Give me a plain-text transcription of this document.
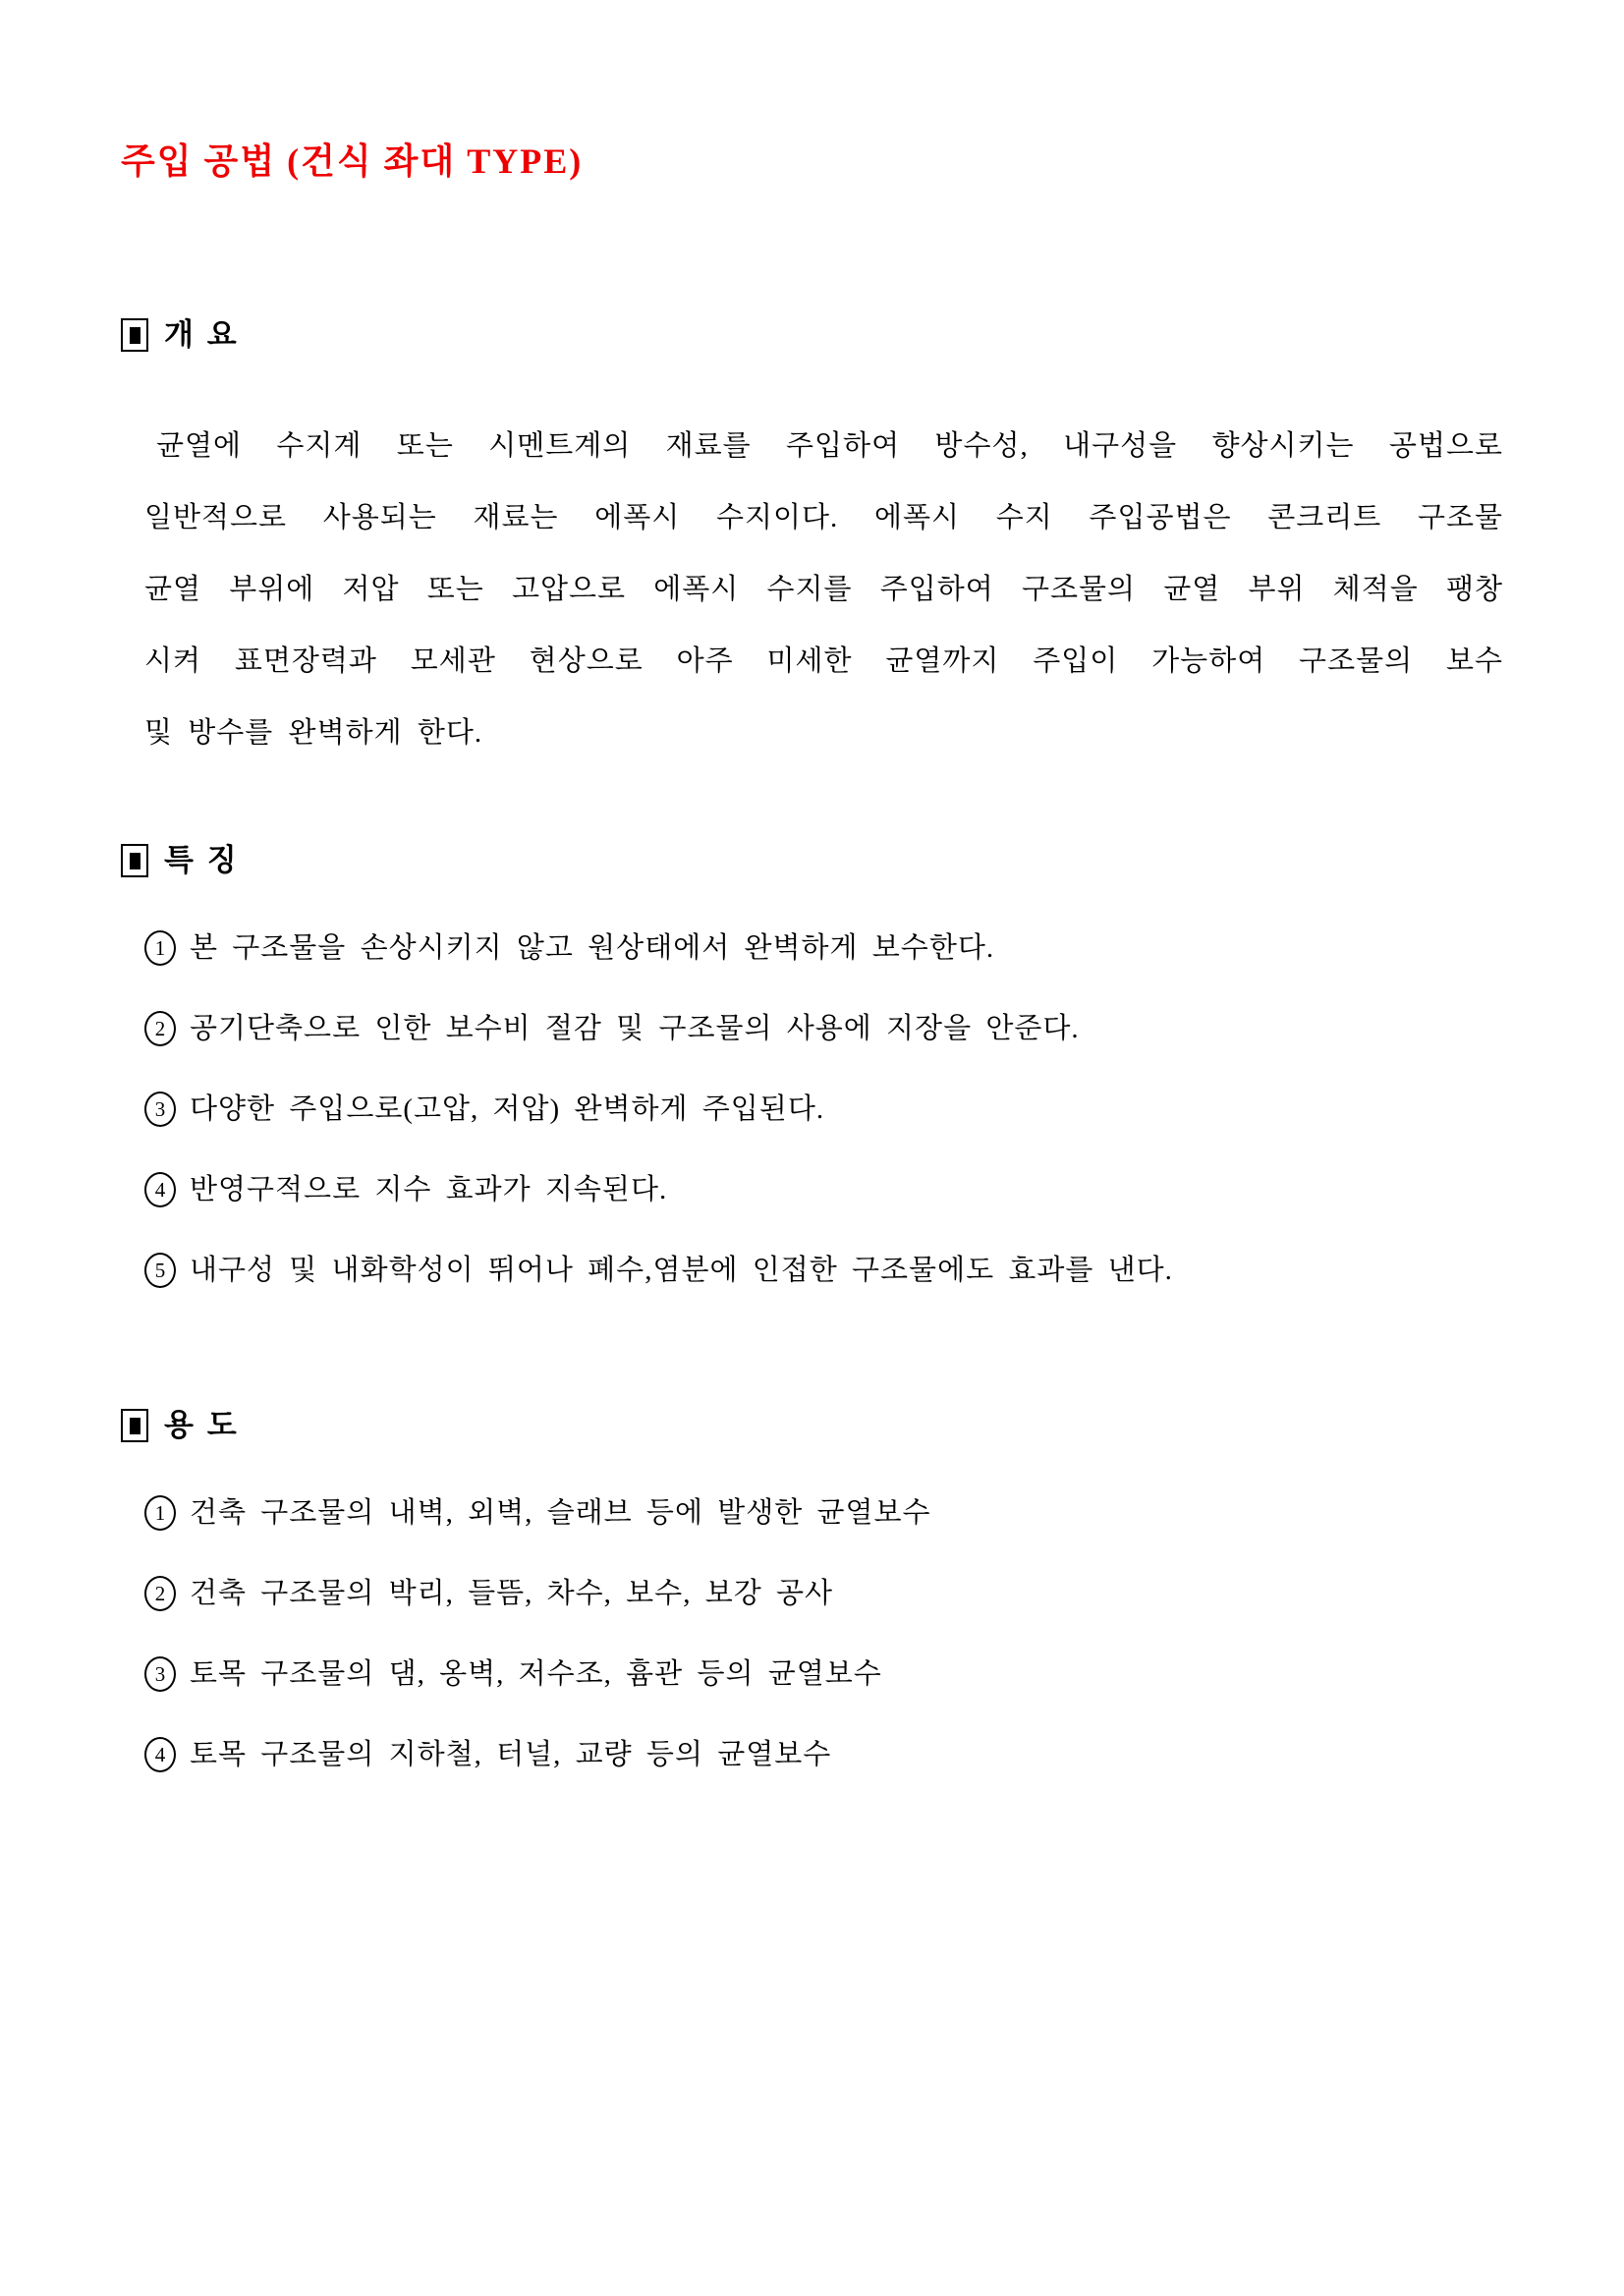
주입 공법 (건식 좌대 TYPE)
개 요
균열에 수지계 또는 시멘트계의 재료를 주입하여 방수성, 내구성을 향상시키는 공법으로
일반적으로 사용되는 재료는 에폭시 수지이다. 에폭시 수지 주입공법은 콘크리트 구조물
균열 부위에 저압 또는 고압으로 에폭시 수지를 주입하여 구조물의 균열 부위 체적을 팽창
시켜 표면장력과 모세관 현상으로 아주 미세한 균열까지 주입이 가능하여 구조물의 보수
및 방수를 완벽하게 한다.
특 징
1 본 구조물을 손상시키지 않고 원상태에서 완벽하게 보수한다.
2 공기단축으로 인한 보수비 절감 및 구조물의 사용에 지장을 안준다.
3 다양한 주입으로(고압, 저압) 완벽하게 주입된다.
4 반영구적으로 지수 효과가 지속된다.
5 내구성 및 내화학성이 뛰어나 폐수,염분에 인접한 구조물에도 효과를 낸다.
용 도
1 건축 구조물의 내벽, 외벽, 슬래브 등에 발생한 균열보수
2 건축 구조물의 박리, 들뜸, 차수, 보수, 보강 공사
3 토목 구조물의 댐, 옹벽, 저수조, 흄관 등의 균열보수
4 토목 구조물의 지하철, 터널, 교량 등의 균열보수
